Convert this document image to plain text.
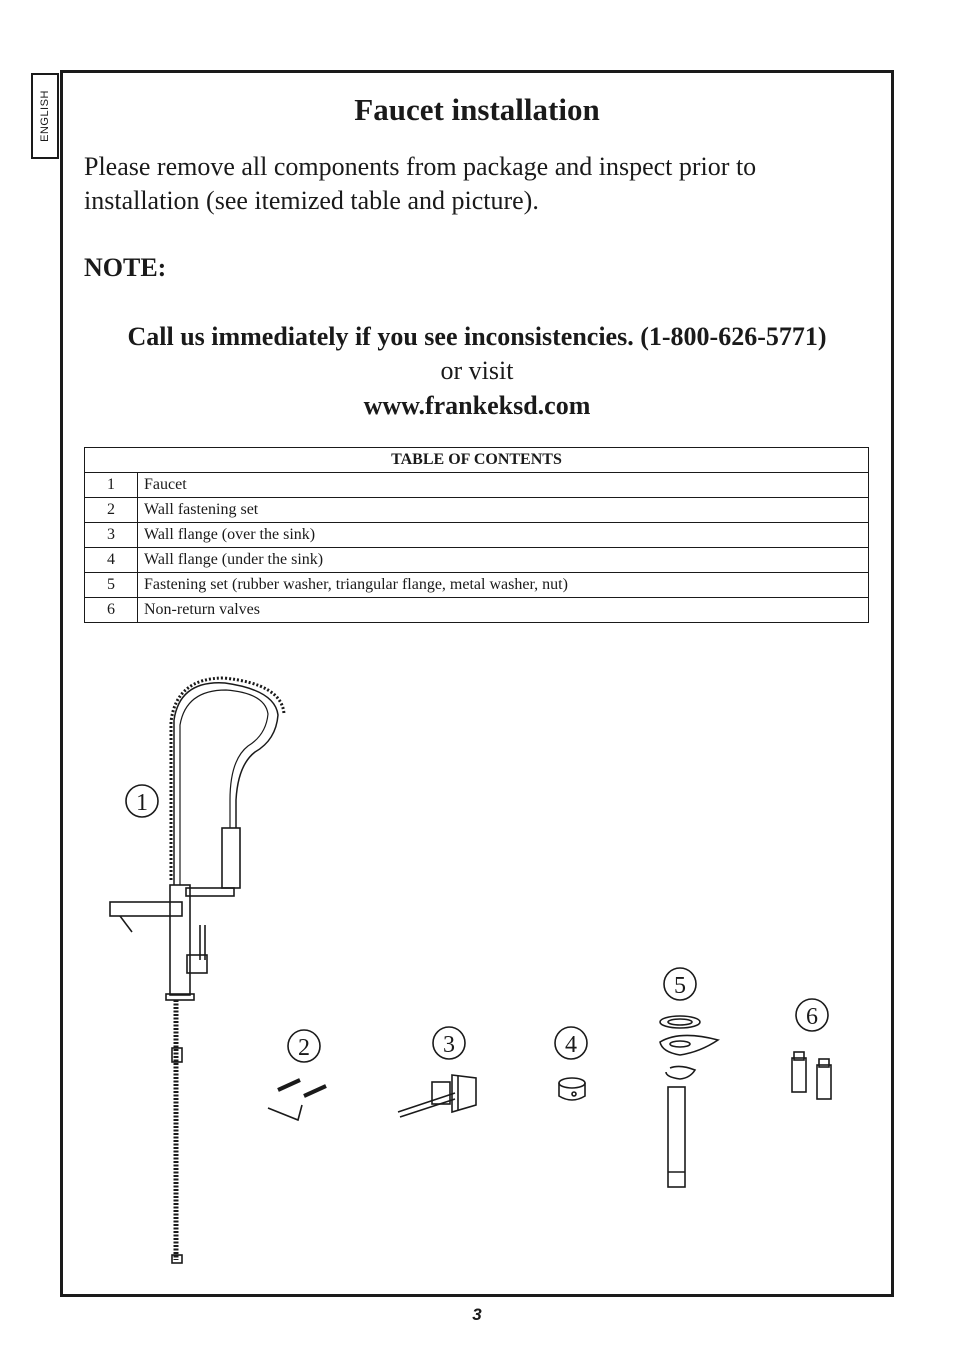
ENGLISH	Faucet installation
Please remove all components from package and inspect prior to installation (see itemized table and picture).
NOTE:
Call us immediately if you see inconsistencies. (1-800-626-5771)
or visit
www.frankeksd.com
TABLE OF CONTENTS	
1	Faucet
2	Wall fastening set
3	Wall flange (over the sink)
4	Wall flange (under the sink)
5	Fastening set (rubber washer, triangular flange, metal washer, nut)
6	Non-return valves
1
2	3	4
5
6
3
